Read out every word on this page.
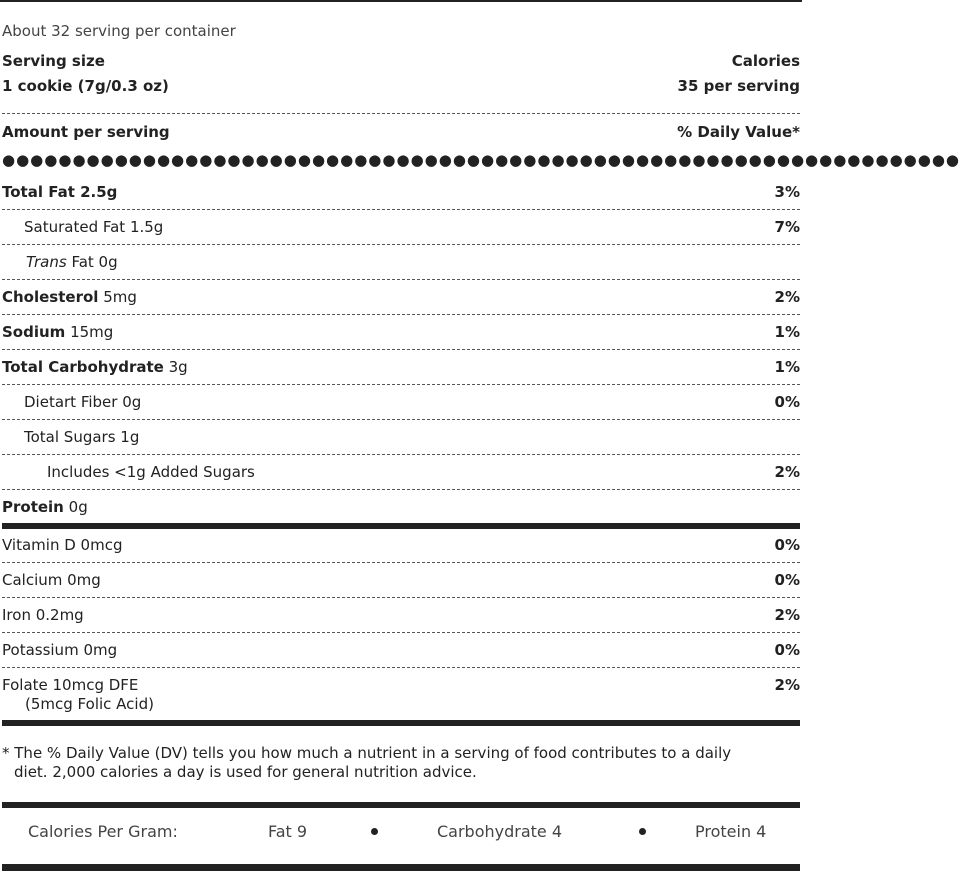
About 32 serving per container
Serving size	Calories
1 cookie (7g/0.3 oz)	35 per serving
Amount per serving	% Daily Value*
●●●●●●●●●●●●●●●●●●●●●●●●●●●●●●●●●●●●●●●●●●●●●●●●●●●●●●●●●●●●●●●●●●●●
Total Fat 2.5g	3%
Saturated Fat 1.5g	7%
Trans Fat 0g
Cholesterol 5mg	2%
Sodium 15mg	1%
Total Carbohydrate 3g	1%
Dietart Fiber 0g	0%
Total Sugars 1g
Includes <1g Added Sugars	2%
Protein 0g
Vitamin D 0mcg	0%
Calcium 0mg	0%
Iron 0.2mg	2%
Potassium 0mg	0%
Folate 10mcg DFE	2%
(5mcg Folic Acid)
* The % Daily Value (DV) tells you how much a nutrient in a serving of food contributes to a daily
diet. 2,000 calories a day is used for general nutrition advice.
Calories Per Gram:	Fat 9	Carbohydrate 4	Protein 4
